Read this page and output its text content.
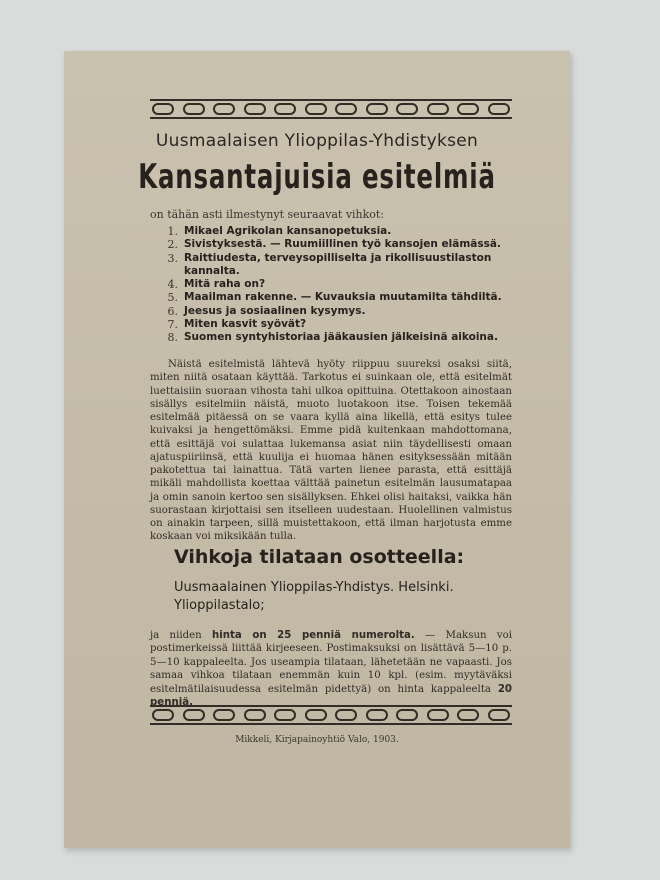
Uusmaalaisen Ylioppilas-Yhdistyksen
Kansantajuisia esitelmiä
on tähän asti ilmestynyt seuraavat vihkot:
1. Mikael Agrikolan kansanopetuksia.
2. Sivistyksestä. — Ruumiillinen työ kansojen elämässä.
3. Raittiudesta, terveysopilliselta ja rikollisuustilaston kannalta.
4. Mitä raha on?
5. Maailman rakenne. — Kuvauksia muutamilta tähdiltä.
6. Jeesus ja sosiaalinen kysymys.
7. Miten kasvit syövät?
8. Suomen syntyhistoriaa jääkausien jälkeisinä aikoina.

Näistä esitelmistä lähtevä hyöty riippuu suureksi osaksi siitä, miten niitä osataan käyttää. Tarkotus ei suinkaan ole, että esitelmät luettaisiin suoraan vihosta tahi ulkoa opittuina. Otettakoon ainostaan sisällys esitelmiin näistä, muoto luotakoon itse. Toisen tekemää esitelmää pitäessä on se vaara kyllä aina likellä, että esitys tulee kuivaksi ja hengettömäksi. Emme pidä kuitenkaan mahdottomana, että esittäjä voi sulattaa lukemansa asiat niin täydellisesti omaan ajatuspiiriinsä, että kuulija ei huomaa hänen esityksessään mitään pakotettua tai lainattua. Tätä varten lienee parasta, että esittäjä mikäli mahdollista koettaa välttää painetun esitelmän lausumatapaa ja omin sanoin kertoo sen sisällyksen. Ehkei olisi haitaksi, vaikka hän suorastaan kirjottaisi sen itselleen uudestaan. Huolellinen valmistus on ainakin tarpeen, sillä muistettakoon, että ilman harjotusta emme koskaan voi miksikään tulla.

Vihkoja tilataan osotteella:

Uusmaalainen Ylioppilas-Yhdistys. Helsinki. Ylioppilastalo;

ja niiden hinta on 25 penniä numerolta. — Maksun voi postimerkeissä liittää kirjeeseen. Postimaksuksi on lisättävä 5—10 p. 5—10 kappaleelta. Jos useampia tilataan, lähetetään ne vapaasti. Jos samaa vihkoa tilataan enemmän kuin 10 kpl. (esim. myytäväksi esitelmätilaisuudessa esitelmän pidettyä) on hinta kappaleelta 20 penniä.

Mikkeli, Kirjapainoyhtiö Valo, 1903.
